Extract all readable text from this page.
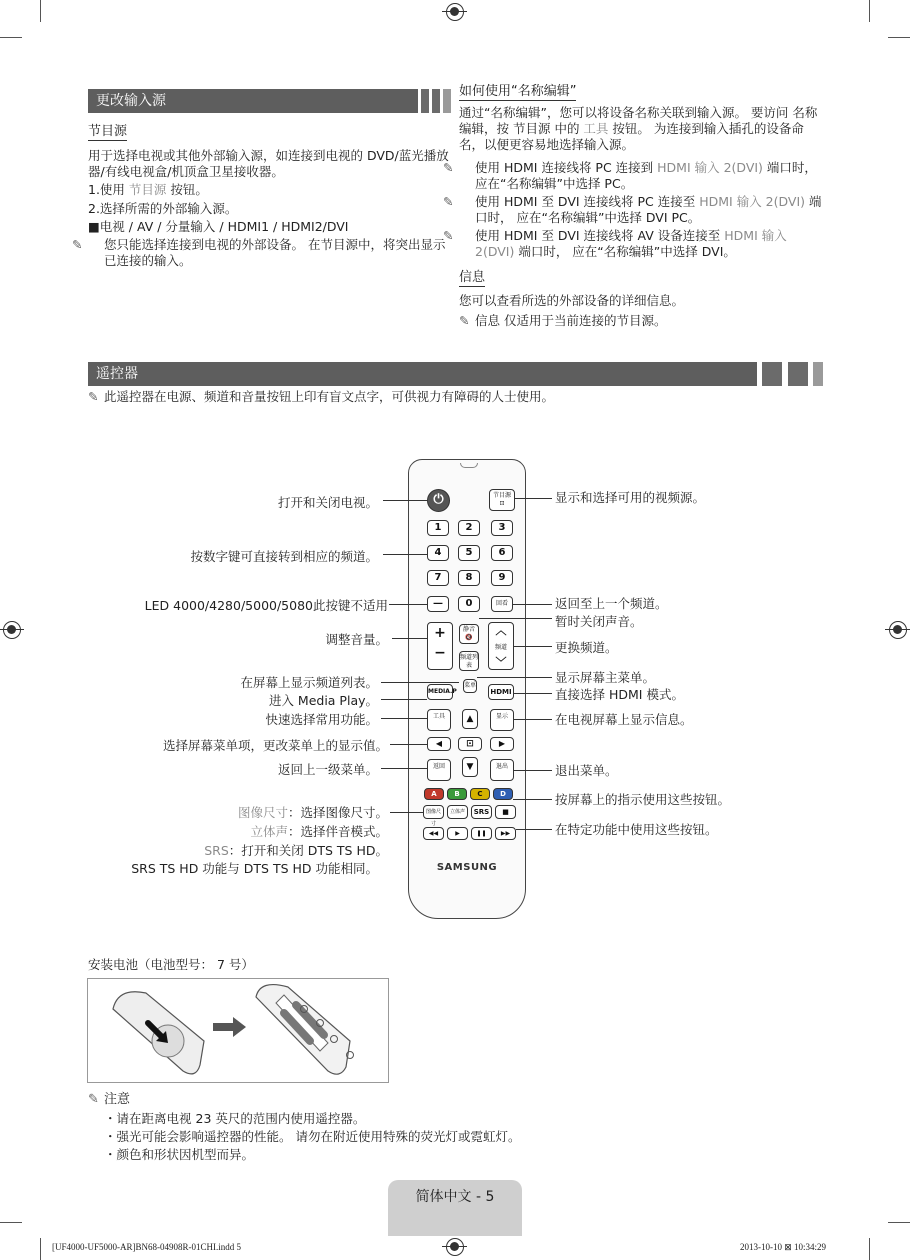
更改输入源
节目源
用于选择电视或其他外部输入源，如连接到电视的 DVD/蓝光播放器/有线电视盒/机顶盒卫星接收器。
1.使用 节目源 按钮。
2.选择所需的外部输入源。
■电视 / AV / 分量输入 / HDMI1 / HDMI2/DVI
✎ 您只能选择连接到电视的外部设备。 在节目源中，将突出显示已连接的输入。
如何使用“名称编辑”
通过“名称编辑”，您可以将设备名称关联到输入源。 要访问 名称编辑，按 节目源 中的 工具 按钮。 为连接到输入插孔的设备命名，以便更容易地选择输入源。
✎ 使用 HDMI 连接线将 PC 连接到 HDMI 输入 2(DVI) 端口时，应在“名称编辑”中选择 PC。
✎ 使用 HDMI 至 DVI 连接线将 PC 连接至 HDMI 输入 2(DVI) 端口时， 应在“名称编辑”中选择 DVI PC。
✎ 使用 HDMI 至 DVI 连接线将 AV 设备连接至 HDMI 输入 2(DVI) 端口时， 应在“名称编辑”中选择 DVI。
信息
您可以查看所选的外部设备的详细信息。
✎ 信息 仅适用于当前连接的节目源。
遥控器
✎ 此遥控器在电源、频道和音量按钮上印有盲文点字，可供视力有障碍的人士使用。
⏻	节目源
⊡
1	2	3
4	5	6
7	8	9
—	0	回看
+
−
静音
🔇
︿
频道
﹀
频道列表
菜单
MEDIA.P	HDMI
工具	显示
▲
◀	⊡	▶
▼
返回	退出
A	B	C	D
图像尺寸
立体声	SRS	■
◀◀	▶	❚❚	▶▶
SAMSUNG
打开和关闭电视。
按数字键可直接转到相应的频道。
LED 4000/4280/5000/5080此按键不适用
调整音量。
在屏幕上显示频道列表。
进入 Media Play。
快速选择常用功能。
选择屏幕菜单项，更改菜单上的显示值。
返回上一级菜单。
图像尺寸：选择图像尺寸。
立体声：选择伴音模式。
SRS：打开和关闭 DTS TS HD。
SRS TS HD 功能与 DTS TS HD 功能相同。
显示和选择可用的视频源。
返回至上一个频道。
暂时关闭声音。
更换频道。
显示屏幕主菜单。
直接选择 HDMI 模式。
在电视屏幕上显示信息。
退出菜单。
按屏幕上的指示使用这些按钮。
在特定功能中使用这些按钮。
安装电池（电池型号： 7 号）
✎ 注意
・请在距离电视 23 英尺的范围内使用遥控器。
・强光可能会影响遥控器的性能。 请勿在附近使用特殊的荧光灯或霓虹灯。
・颜色和形状因机型而异。
简体中文 - 5
[UF4000-UF5000-AR]BN68-04908R-01CHI.indd 5	2013-10-10 ⊠ 10:34:29
